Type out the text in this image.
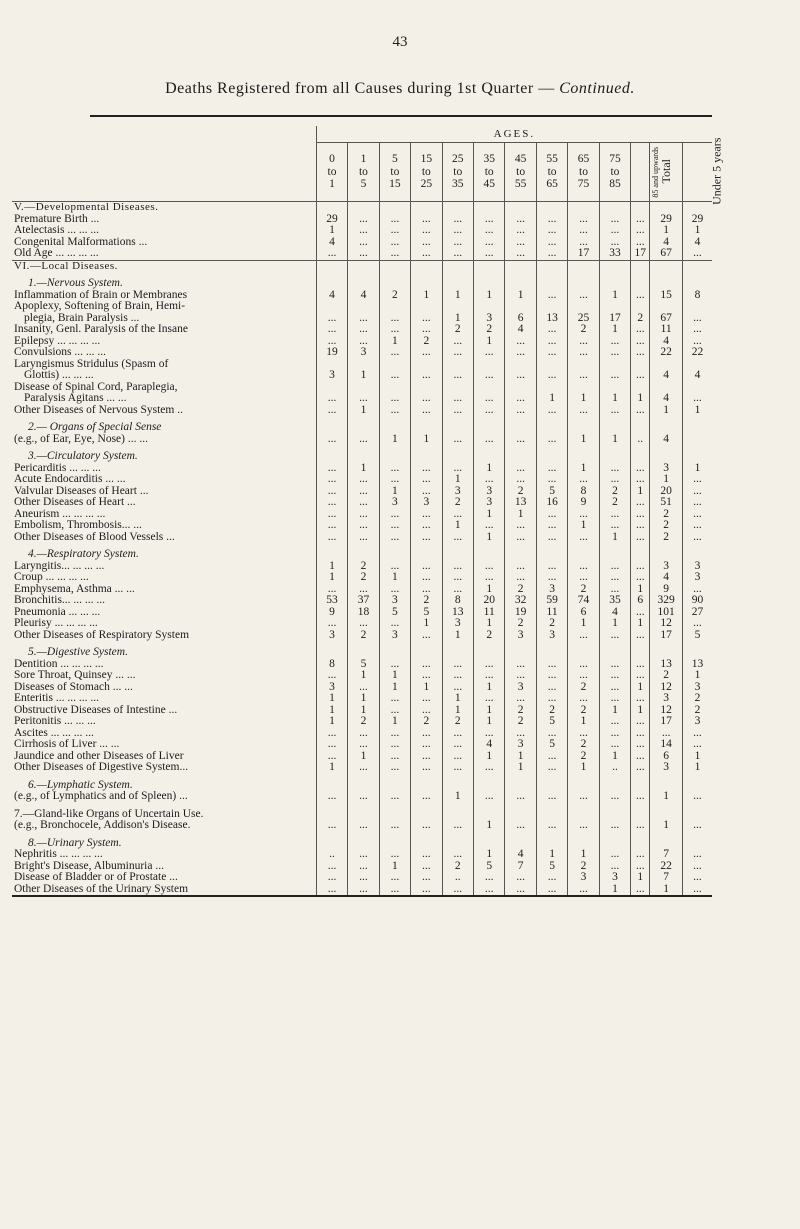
43
Deaths Registered from all Causes during 1st Quarter — Continued.
	AGES.												
	0
to
1	1
to
5	5
to
15	15
to
25	25
to
35	35
to
45	45
to
55	55
to
65	65
to
75	75
to
85	85 and upwards	Total	Under 5 years
V.—Developmental Diseases.													
Premature Birth ...	29	...	...	...	...	...	...	...	...	...	...	29	29
Atelectasis ... ... ...	1	...	...	...	...	...	...	...	...	...	...	1	1
Congenital Malformations ...	4	...	...	...	...	...	...	...	...	...	...	4	4
Old Age ... ... ... ...	...	...	...	...	...	...	...	...	17	33	17	67	...
VI.—Local Diseases.													

1.—Nervous System.													
Inflammation of Brain or Membranes	4	4	2	1	1	1	1	...	...	1	...	15	8
Apoplexy, Softening of Brain, Hemi-													
plegia, Brain Paralysis ...	...	...	...	...	1	3	6	13	25	17	2	67	...
Insanity, Genl. Paralysis of the Insane	...	...	...	...	2	2	4	...	2	1	...	11	...
Epilepsy ... ... ... ...	...	...	1	2	...	1	...	...	...	...	...	4	...
Convulsions ... ... ...	19	3	...	...	...	...	...	...	...	...	...	22	22
Laryngismus Stridulus (Spasm of													
Glottis) ... ... ...	3	1	...	...	...	...	...	...	...	...	...	4	4
Disease of Spinal Cord, Paraplegia,													
Paralysis Agitans ... ...	...	...	...	...	...	...	...	1	1	1	1	4	...
Other Diseases of Nervous System ..	...	1	...	...	...	...	...	...	...	...	...	1	1

2.— Organs of Special Sense													
(e.g., of Ear, Eye, Nose) ... ...	...	...	1	1	...	...	...	...	1	1	..	4	

3.—Circulatory System.													
Pericarditis ... ... ...	...	1	...	...	...	1	...	...	1	...	...	3	1
Acute Endocarditis ... ...	...	...	...	...	1	...	...	...	...	...	...	1	...
Valvular Diseases of Heart ...	...	...	1	...	3	3	2	5	8	2	1	20	...
Other Diseases of Heart ...	...	...	3	3	2	3	13	16	9	2	...	51	...
Aneurism ... ... ... ...	...	...	...	...	...	1	1	...	...	...	...	2	...
Embolism, Thrombosis... ...	...	...	...	...	1	...	...	...	1	...	...	2	...
Other Diseases of Blood Vessels ...	...	...	...	...	...	1	...	...	...	1	...	2	...

4.—Respiratory System.													
Laryngitis... ... ... ...	1	2	...	...	...	...	...	...	...	...	...	3	3
Croup ... ... ... ...	1	2	1	...	...	...	...	...	...	...	...	4	3
Emphysema, Asthma ... ...	...	...	...	...	...	1	2	3	2	...	1	9	...
Bronchitis... ... ... ...	53	37	3	2	8	20	32	59	74	35	6	329	90
Pneumonia ... ... ...	9	18	5	5	13	11	19	11	6	4	...	101	27
Pleurisy ... ... ... ...	...	...	...	1	3	1	2	2	1	1	1	12	...
Other Diseases of Respiratory System	3	2	3	...	1	2	3	3	...	...	...	17	5

5.—Digestive System.													
Dentition ... ... ... ...	8	5	...	...	...	...	...	...	...	...	...	13	13
Sore Throat, Quinsey ... ...	...	1	1	...	...	...	...	...	...	...	...	2	1
Diseases of Stomach ... ...	3	...	1	1	...	1	3	...	2	...	1	12	3
Enteritis ... ... ... ...	1	1	...	...	1	...	...	...	...	...	...	3	2
Obstructive Diseases of Intestine ...	1	1	...	...	1	1	2	2	2	1	1	12	2
Peritonitis ... ... ...	1	2	1	2	2	1	2	5	1	...	...	17	3
Ascites ... ... ... ...	...	...	...	...	...	...	...	...	...	...	...	...	...
Cirrhosis of Liver ... ...	...	...	...	...	...	4	3	5	2	...	...	14	...
Jaundice and other Diseases of Liver	...	1	...	...	...	1	1	...	2	1	...	6	1
Other Diseases of Digestive System...	1	...	...	...	...	...	1	...	1	..	...	3	1

6.—Lymphatic System.													
(e.g., of Lymphatics and of Spleen) ...	...	...	...	...	1	...	...	...	...	...	...	1	...

7.—Gland-like Organs of Uncertain Use.													
(e.g., Bronchocele, Addison's Disease.	...	...	...	...	...	1	...	...	...	...	...	1	...

8.—Urinary System.													
Nephritis ... ... ... ...	..	...	...	...	...	1	4	1	1	...	...	7	...
Bright's Disease, Albuminuria ...	...	...	1	...	2	5	7	5	2	...	...	22	...
Disease of Bladder or of Prostate ...	...	...	...	...	..	...	...	...	3	3	1	7	...
Other Diseases of the Urinary System	...	...	...	...	...	...	...	...	...	1	...	1	...
